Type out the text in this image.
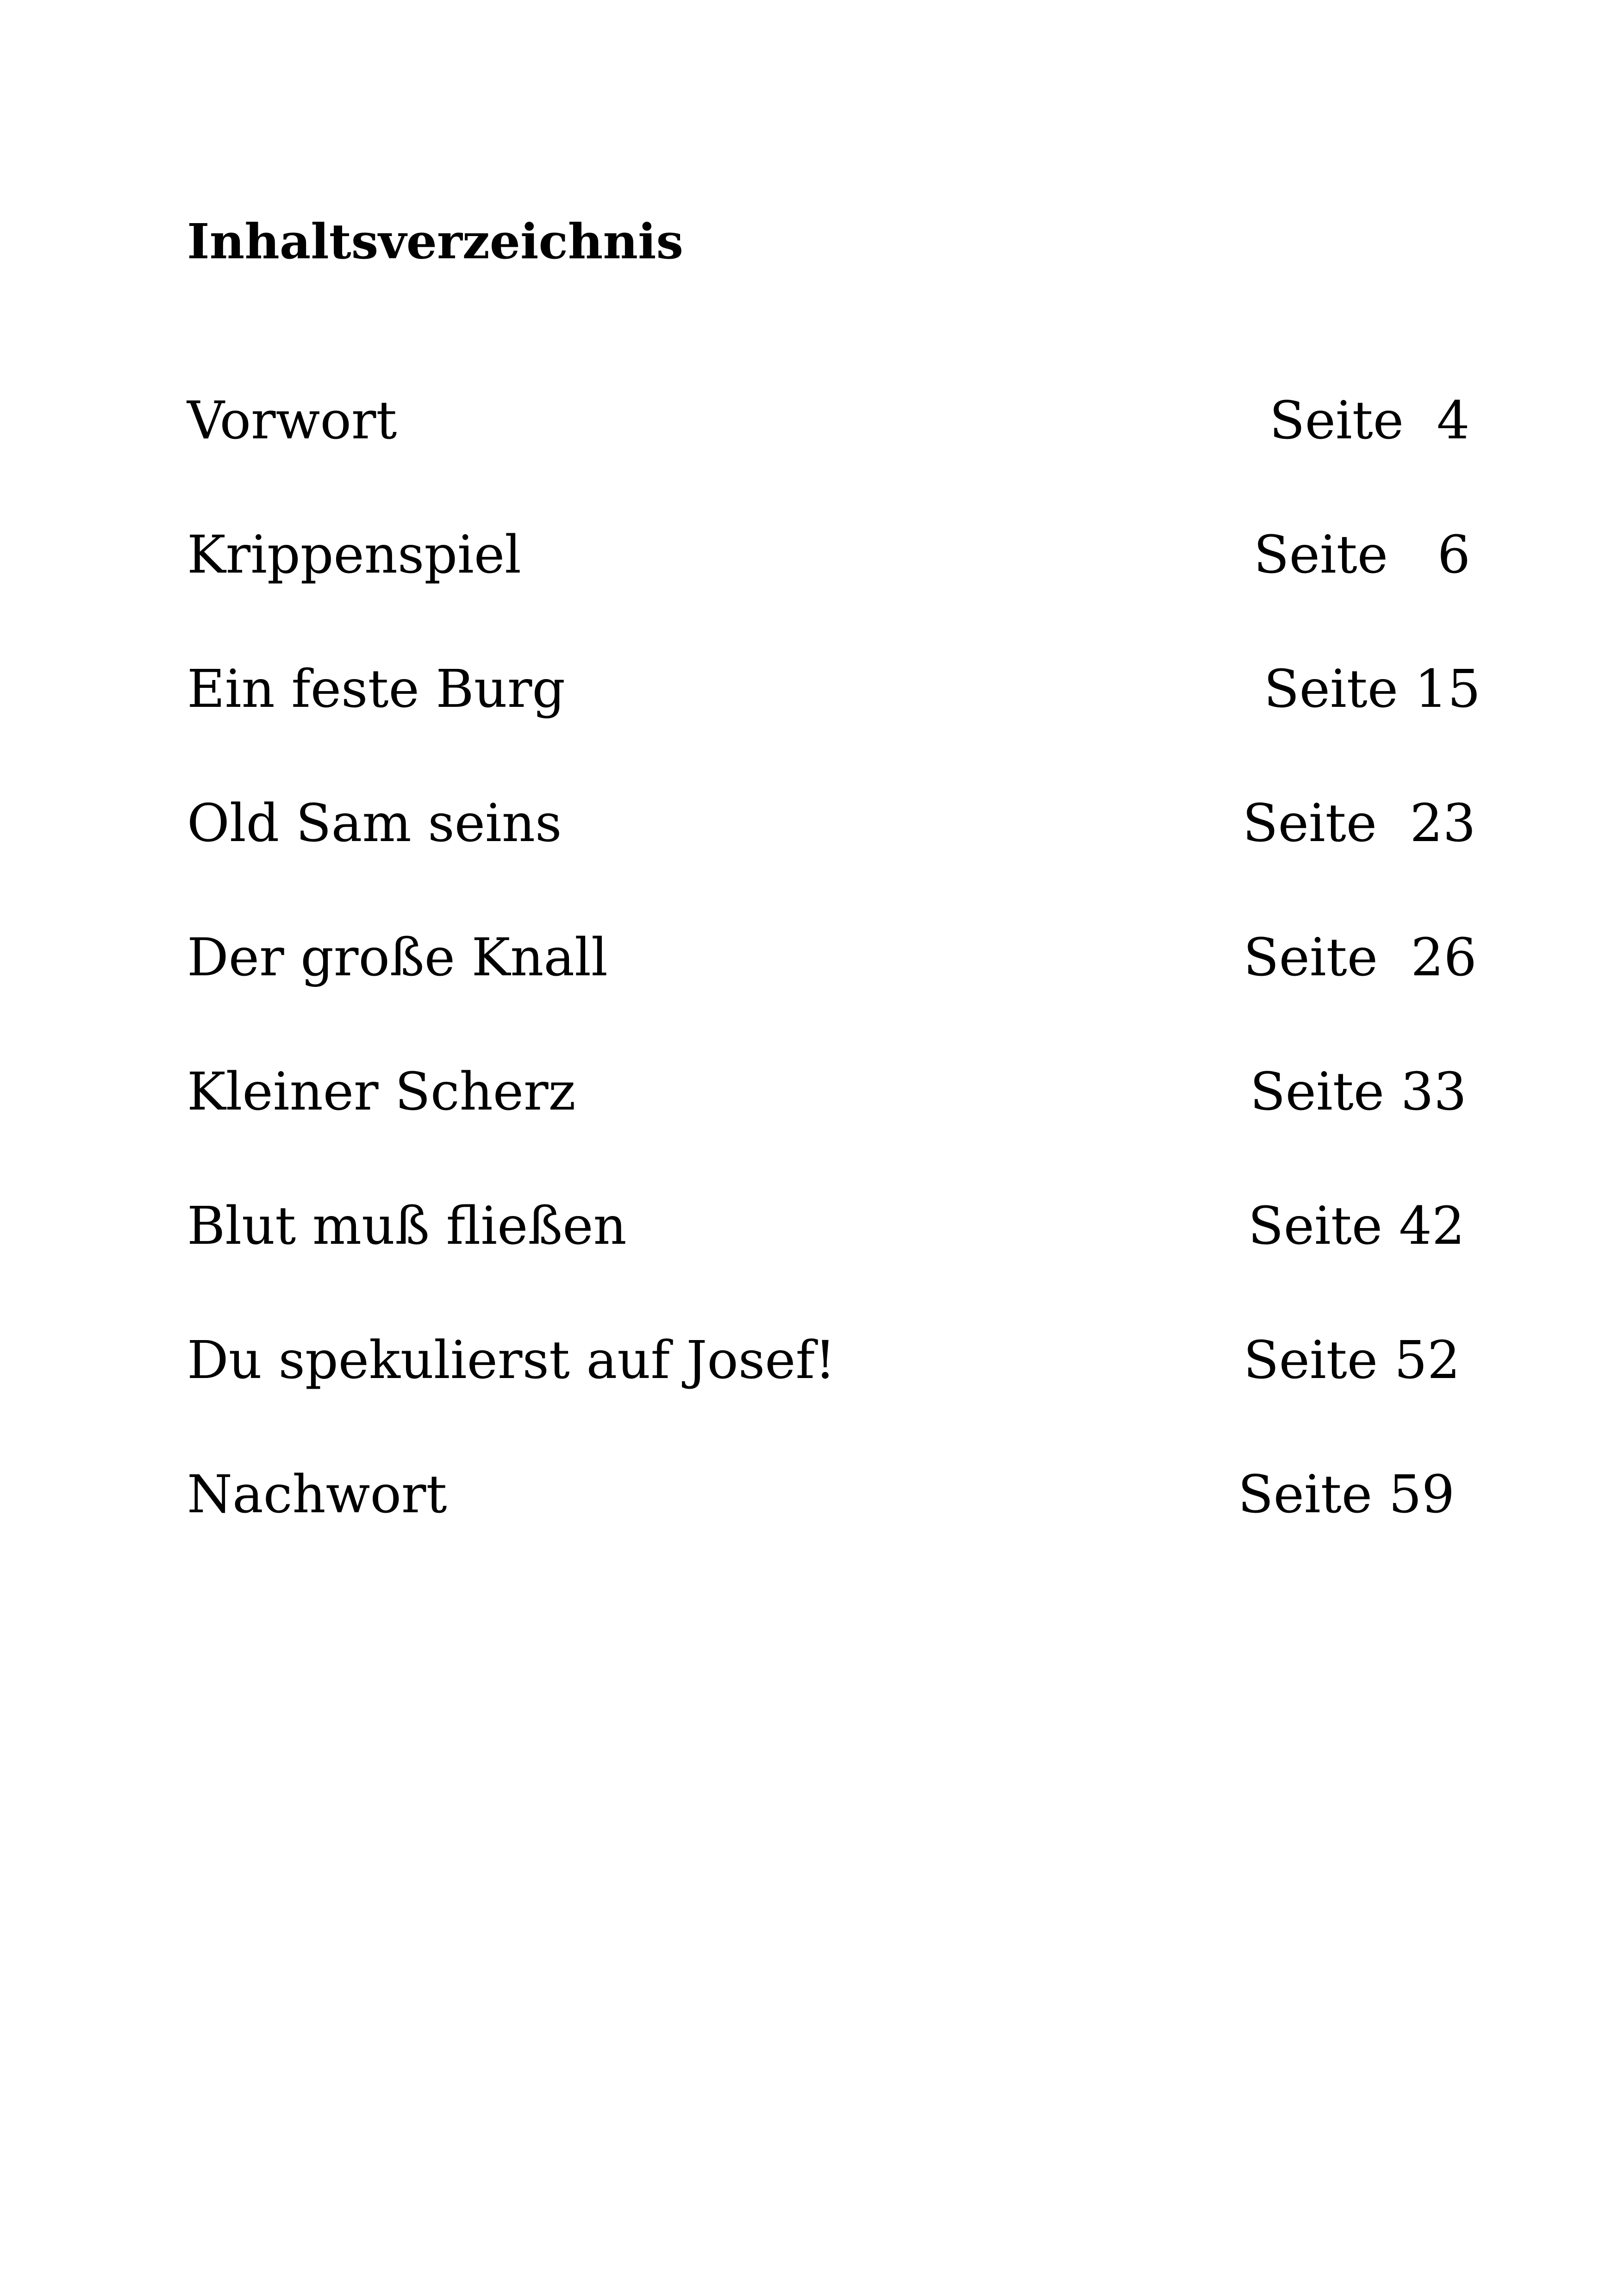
Inhaltsverzeichnis
Vorwort	Seite  4
Krippenspiel	Seite   6
Ein feste Burg	Seite 15
Old Sam seins	Seite  23
Der große Knall	Seite  26
Kleiner Scherz	Seite 33
Blut muß fließen	Seite 42
Du spekulierst auf Josef!	Seite 52
Nachwort	Seite 59
